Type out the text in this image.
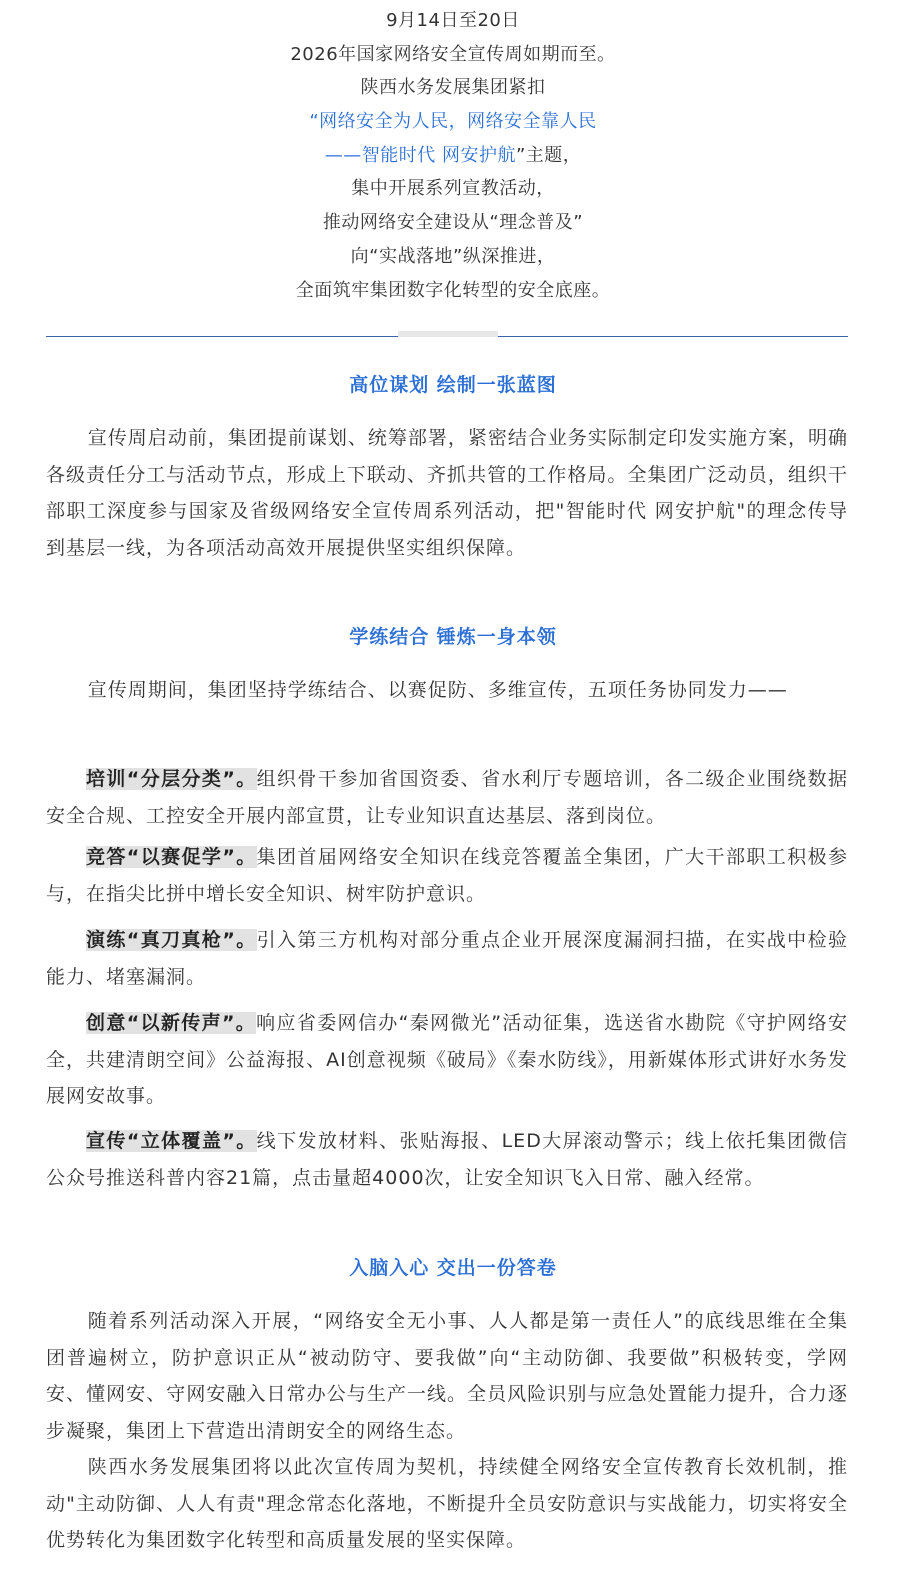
9月14日至20日
2026年国家网络安全宣传周如期而至。
陕西水务发展集团紧扣
“网络安全为人民，网络安全靠人民
——智能时代 网安护航”主题，
集中开展系列宣教活动，
推动网络安全建设从“理念普及”
向“实战落地”纵深推进，
全面筑牢集团数字化转型的安全底座。
高位谋划 绘制一张蓝图
宣传周启动前，集团提前谋划、统筹部署，紧密结合业务实际制定印发实施方案，明确各级责任分工与活动节点，形成上下联动、齐抓共管的工作格局。全集团广泛动员，组织干部职工深度参与国家及省级网络安全宣传周系列活动，把"智能时代 网安护航"的理念传导到基层一线，为各项活动高效开展提供坚实组织保障。
学练结合 锤炼一身本领
宣传周期间，集团坚持学练结合、以赛促防、多维宣传，五项任务协同发力——
培训“分层分类”。组织骨干参加省国资委、省水利厅专题培训，各二级企业围绕数据安全合规、工控安全开展内部宣贯，让专业知识直达基层、落到岗位。
竞答“以赛促学”。集团首届网络安全知识在线竞答覆盖全集团，广大干部职工积极参与，在指尖比拼中增长安全知识、树牢防护意识。
演练“真刀真枪”。引入第三方机构对部分重点企业开展深度漏洞扫描，在实战中检验能力、堵塞漏洞。
创意“以新传声”。响应省委网信办“秦网微光”活动征集，选送省水勘院《守护网络安全，共建清朗空间》公益海报、AI创意视频《破局》《秦水防线》，用新媒体形式讲好水务发展网安故事。
宣传“立体覆盖”。线下发放材料、张贴海报、LED大屏滚动警示；线上依托集团微信公众号推送科普内容21篇，点击量超4000次，让安全知识飞入日常、融入经常。
入脑入心 交出一份答卷
随着系列活动深入开展，“网络安全无小事、人人都是第一责任人”的底线思维在全集团普遍树立，防护意识正从“被动防守、要我做”向“主动防御、我要做”积极转变，学网安、懂网安、守网安融入日常办公与生产一线。全员风险识别与应急处置能力提升，合力逐步凝聚，集团上下营造出清朗安全的网络生态。
陕西水务发展集团将以此次宣传周为契机，持续健全网络安全宣传教育长效机制，推动"主动防御、人人有责"理念常态化落地，不断提升全员安防意识与实战能力，切实将安全优势转化为集团数字化转型和高质量发展的坚实保障。
